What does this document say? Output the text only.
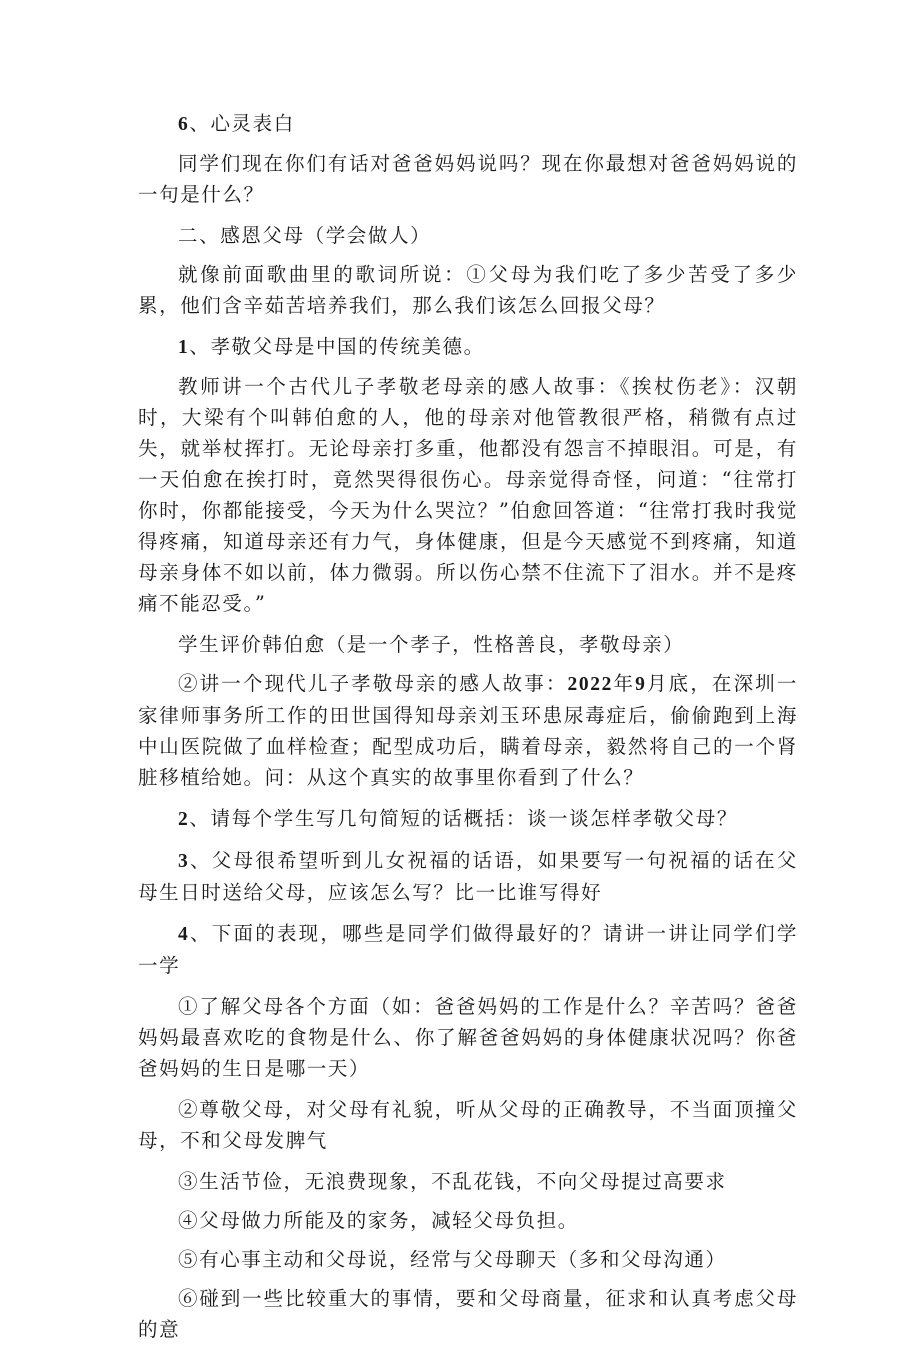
6、心灵表白

同学们现在你们有话对爸爸妈妈说吗？现在你最想对爸爸妈妈说的一句是什么？

二、感恩父母（学会做人）

就像前面歌曲里的歌词所说：①父母为我们吃了多少苦受了多少累，他们含辛茹苦培养我们，那么我们该怎么回报父母？

1、孝敬父母是中国的传统美德。

教师讲一个古代儿子孝敬老母亲的感人故事：《挨杖伤老》：汉朝时，大梁有个叫韩伯愈的人，他的母亲对他管教很严格，稍微有点过失，就举杖挥打。无论母亲打多重，他都没有怨言不掉眼泪。可是，有一天伯愈在挨打时，竟然哭得很伤心。母亲觉得奇怪，问道：“往常打你时，你都能接受，今天为什么哭泣？”伯愈回答道：“往常打我时我觉得疼痛，知道母亲还有力气，身体健康，但是今天感觉不到疼痛，知道母亲身体不如以前，体力微弱。所以伤心禁不住流下了泪水。并不是疼痛不能忍受。”

学生评价韩伯愈（是一个孝子，性格善良，孝敬母亲）

②讲一个现代儿子孝敬母亲的感人故事：2022年9月底，在深圳一家律师事务所工作的田世国得知母亲刘玉环患尿毒症后，偷偷跑到上海中山医院做了血样检查；配型成功后，瞒着母亲，毅然将自己的一个肾脏移植给她。问：从这个真实的故事里你看到了什么？

2、请每个学生写几句简短的话概括：谈一谈怎样孝敬父母？

3、父母很希望听到儿女祝福的话语，如果要写一句祝福的话在父母生日时送给父母，应该怎么写？比一比谁写得好

4、下面的表现，哪些是同学们做得最好的？请讲一讲让同学们学一学

①了解父母各个方面（如：爸爸妈妈的工作是什么？辛苦吗？爸爸妈妈最喜欢吃的食物是什么、你了解爸爸妈妈的身体健康状况吗？你爸爸妈妈的生日是哪一天）

②尊敬父母，对父母有礼貌，听从父母的正确教导，不当面顶撞父母，不和父母发脾气

③生活节俭，无浪费现象，不乱花钱，不向父母提过高要求

④父母做力所能及的家务，减轻父母负担。

⑤有心事主动和父母说，经常与父母聊天（多和父母沟通）

⑥碰到一些比较重大的事情，要和父母商量，征求和认真考虑父母的意
